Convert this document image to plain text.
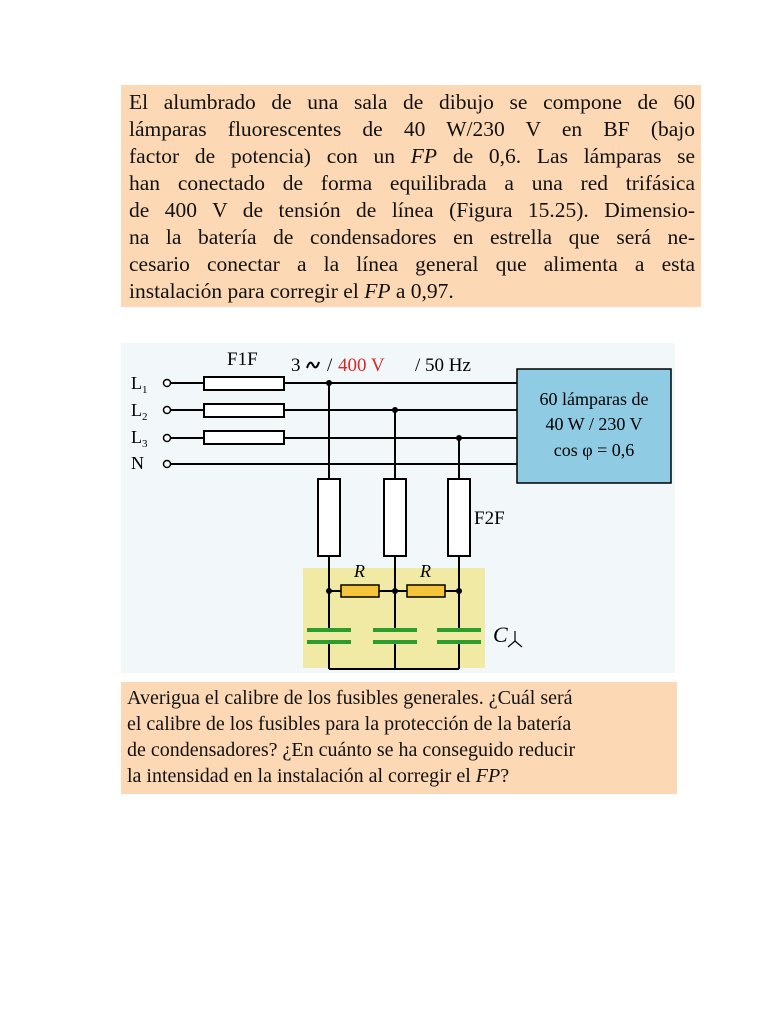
El alumbrado de una sala de dibujo se compone de 60
lámparas fluorescentes de 40 W/230 V en BF (bajo
factor de potencia) con un FP de 0,6. Las lámparas se
han conectado de forma equilibrada a una red trifásica
de 400 V de tensión de línea (Figura 15.25). Dimensio-
na la batería de condensadores en estrella que será ne-
cesario conectar a la línea general que alimenta a esta
instalación para corregir el FP a 0,97.
$L_1$
$L_2$
$L_3$
N
F1F 3 / 400 V / 50 Hz
F2F
R	R
C
60 lámparas de
40 W / 230 V
cos φ = 0,6
Averigua el calibre de los fusibles generales. ¿Cuál será
el calibre de los fusibles para la protección de la batería
de condensadores? ¿En cuánto se ha conseguido reducir
la intensidad en la instalación al corregir el FP?
